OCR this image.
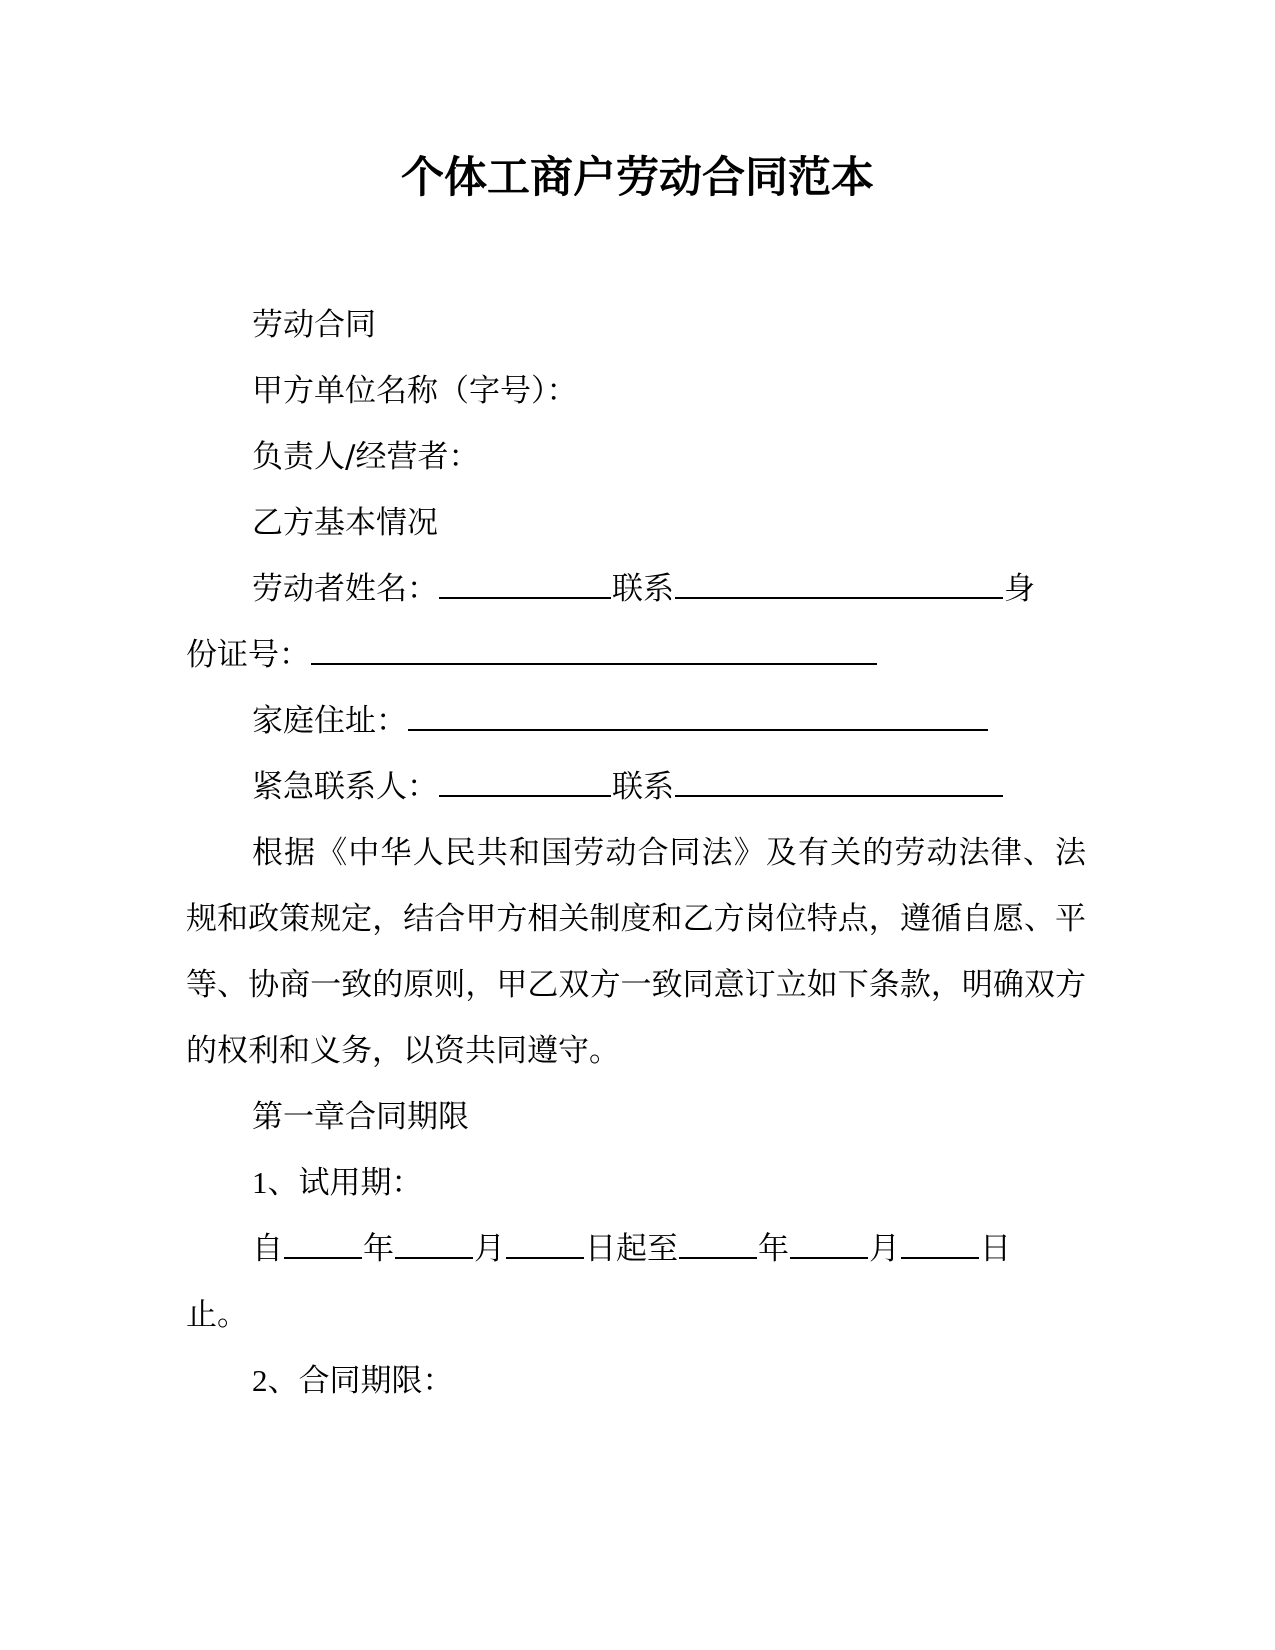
个体工商户劳动合同范本

劳动合同

甲方单位名称（字号）：

负责人/经营者：

乙方基本情况

劳动者姓名：	联系	身

份证号：

家庭住址：

紧急联系人：	联系

根据《中华人民共和国劳动合同法》及有关的劳动法律、法规和政策规定，结合甲方相关制度和乙方岗位特点，遵循自愿、平等、协商一致的原则，甲乙双方一致同意订立如下条款，明确双方的权利和义务，以资共同遵守。

第一章合同期限

1、试用期：

自	年	月	日起至	年	月	日

止。

2、合同期限：
